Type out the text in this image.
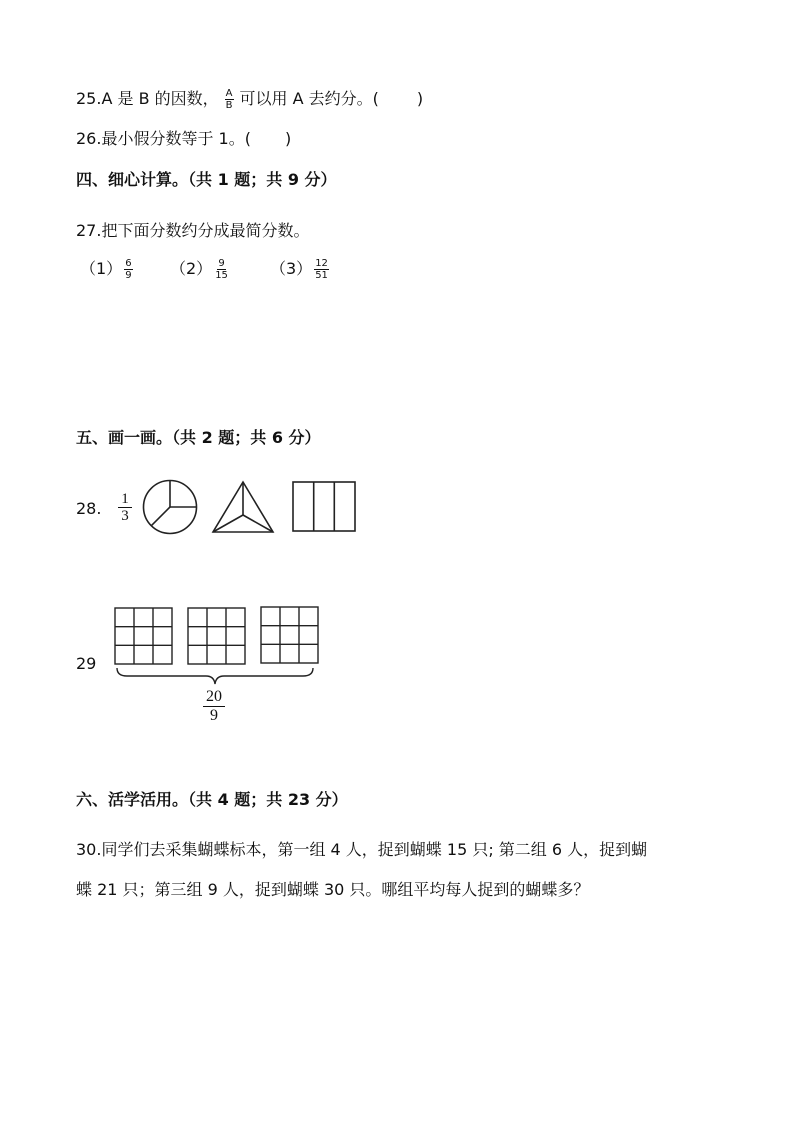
25.A 是 B 的因数， $\frac{A}{B}$ 可以用 A 去约分。( )
26.最小假分数等于 1。( )
四、细心计算。（共 1 题；共 9 分）
27.把下面分数约分成最简分数。
$(1) \frac{6}{9} (2) \frac{9}{15}$	$(3) \frac{12}{51}$
五、画一画。（共 2 题；共 6 分）
28. $\frac{1}{3}$
29
$\frac{20}{9}$
六、活学活用。（共 4 题；共 23 分）
30.同学们去采集蝴蝶标本，第一组 4 人，捉到蝴蝶 15 只; 第二组 6 人，捉到蝴
蝶 21 只；第三组 9 人，捉到蝴蝶 30 只。哪组平均每人捉到的蝴蝶多？
